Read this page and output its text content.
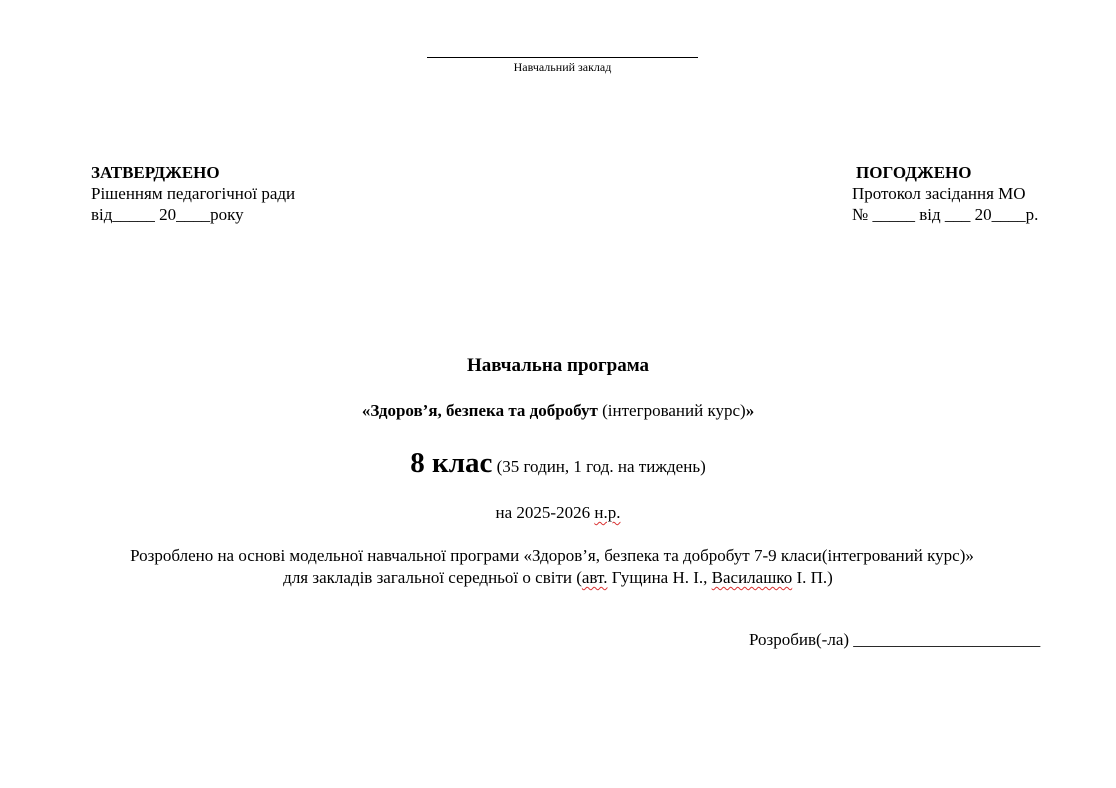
Навчальний заклад
ЗАТВЕРДЖЕНО
Рішенням педагогічної ради
від_____ 20____року
ПОГОДЖЕНО
Протокол засідання МО
№ _____ від ___ 20____р.
Навчальна програма
«Здоров’я, безпека та добробут (інтегрований курс)»
8 клас (35 годин, 1 год. на тиждень)
на 2025-2026 н.р.
Розроблено на основі модельної навчальної програми «Здоров’я, безпека та добробут 7-9 класи(інтегрований курс)»
для закладів загальної середньої о світи (авт. Гущина Н. І., Василашко І. П.)
Розробив(-ла) ______________________
